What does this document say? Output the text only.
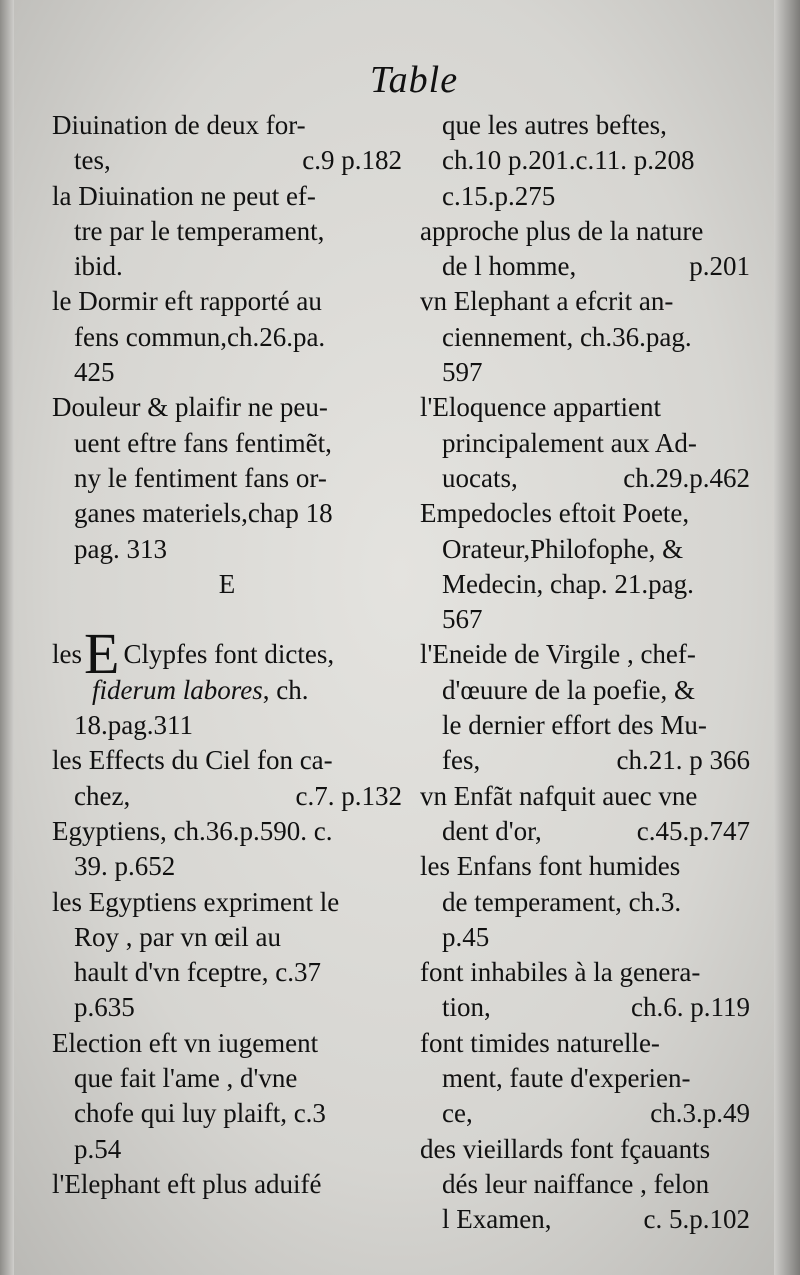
Table
Diuination de deux for-
tes,	c.9 p.182
la Diuination ne peut ef-
tre par le temperament,
ibid.
le Dormir eft rapporté au
fens commun,ch.26.pa.
425
Douleur & plaifir ne peu-
uent eftre fans fentimẽt,
ny le fentiment fans or-
ganes materiels,chap 18
pag. 313
E
lesE Clypfes font dictes,
fiderum labores, ch.
18.pag.311
les Effects du Ciel fon ca-
chez,	c.7. p.132
Egyptiens, ch.36.p.590. c.
39. p.652
les Egyptiens expriment le
Roy , par vn œil au
hault d'vn fceptre, c.37
p.635
Election eft vn iugement
que fait l'ame , d'vne
chofe qui luy plaift, c.3
p.54
l'Elephant eft plus aduifé
que les autres beftes,
ch.10 p.201.c.11. p.208
c.15.p.275
approche plus de la nature
de l homme,	p.201
vn Elephant a efcrit an-
ciennement, ch.36.pag.
597
l'Eloquence appartient
principalement aux Ad-
uocats,	ch.29.p.462
Empedocles eftoit Poete,
Orateur,Philofophe, &
Medecin, chap. 21.pag.
567
l'Eneide de Virgile , chef-
d'œuure de la poefie, &
le dernier effort des Mu-
fes,	ch.21. p 366
vn Enfãt nafquit auec vne
dent d'or,	c.45.p.747
les Enfans font humides
de temperament, ch.3.
p.45
font inhabiles à la genera-
tion,	ch.6. p.119
font timides naturelle-
ment, faute d'experien-
ce,	ch.3.p.49
des vieillards font fçauants
dés leur naiffance , felon
l Examen,	c. 5.p.102
